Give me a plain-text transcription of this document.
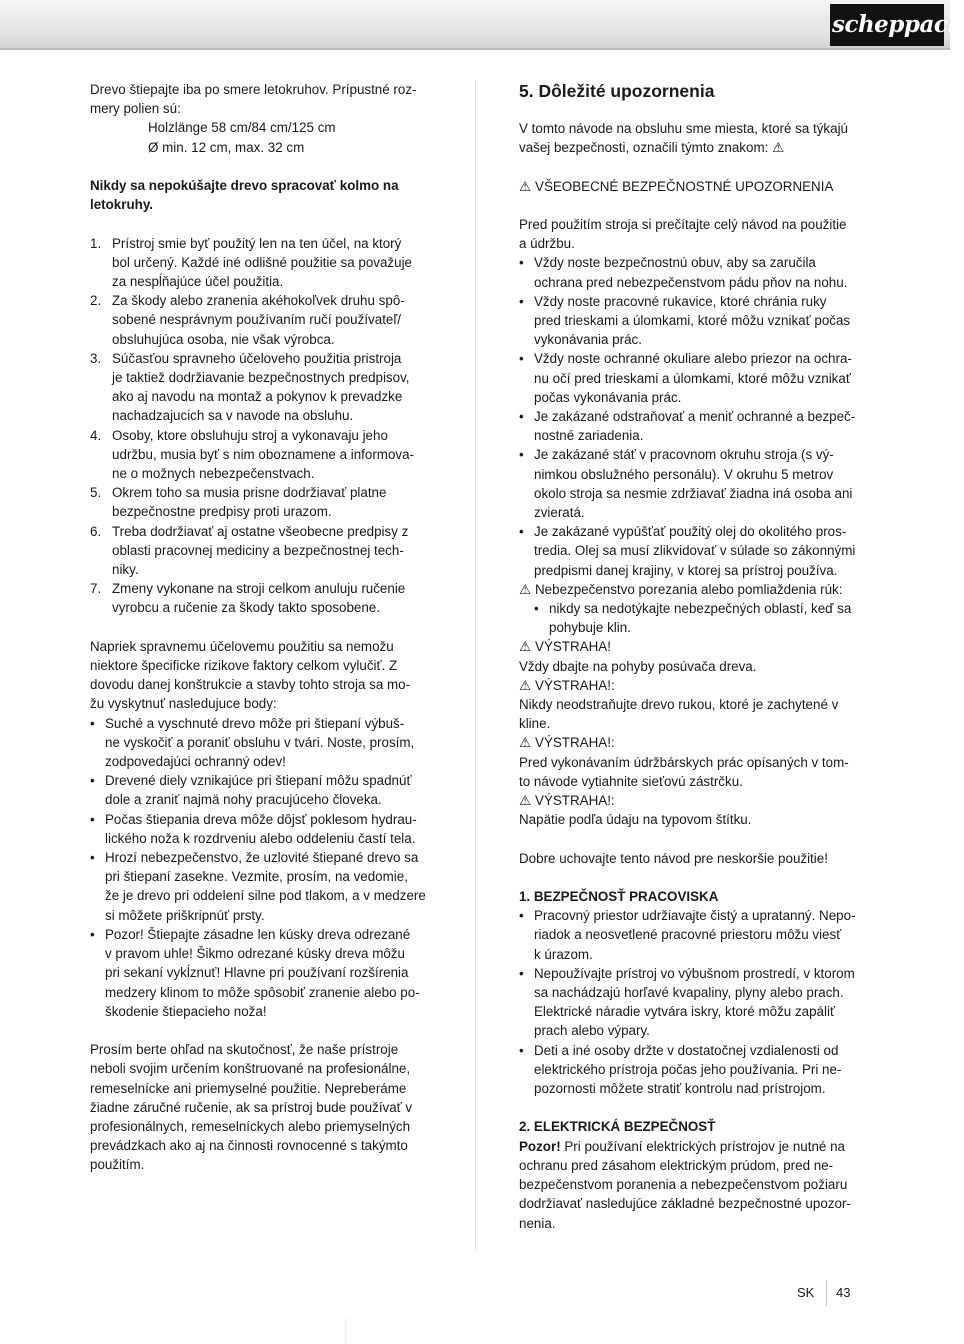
scheppach

Drevo štiepajte iba po smere letokruhov. Prípustné roz-

mery polien sú:

Holzlänge 58 cm/84 cm/125 cm

Ø min. 12 cm, max. 32 cm

Nikdy sa nepokúšajte drevo spracovať kolmo na

letokruhy.

1. Prístroj smie byť použitý len na ten účel, na ktorý

bol určený. Každé iné odlišné použitie sa považuje

za nespĺňajúce účel použitia.

2. Za škody alebo zranenia akéhokoľvek druhu spô-

sobené nesprávnym používaním ručí používateľ/

obsluhujúca osoba, nie však výrobca.

3. Súčasťou spravneho účeloveho použitia pristroja

je taktiež dodržiavanie bezpečnostnych predpisov,

ako aj navodu na montaž a pokynov k prevadzke

nachadzajucich sa v navode na obsluhu.

4. Osoby, ktore obsluhuju stroj a vykonavaju jeho

udržbu, musia byť s nim oboznamene a informova-

ne o možnych nebezpečenstvach.

5. Okrem toho sa musia prisne dodržiavať platne

bezpečnostne predpisy proti urazom.

6. Treba dodržiavať aj ostatne všeobecne predpisy z

oblasti pracovnej mediciny a bezpečnostnej tech-

niky.

7. Zmeny vykonane na stroji celkom anuluju ručenie

vyrobcu a ručenie za škody takto sposobene.

Napriek spravnemu účelovemu použitiu sa nemožu

niektore špecificke rizikove faktory celkom vylučiť. Z

dovodu danej konštrukcie a stavby tohto stroja sa mo-

žu vyskytnuť nasledujuce body:

• Suché a vyschnuté drevo môže pri štiepaní výbuš-

ne vyskočiť a poraniť obsluhu v tvári. Noste, prosím,

zodpovedajúci ochranný odev!

• Drevené diely vznikajúce pri štiepaní môžu spadnúť

dole a zraniť najmä nohy pracujúceho človeka.

• Počas štiepania dreva môže dôjsť poklesom hydrau-

lického noža k rozdrveniu alebo oddeleniu častí tela.

• Hrozí nebezpečenstvo, že uzlovité štiepané drevo sa

pri štiepaní zasekne. Vezmite, prosím, na vedomie,

že je drevo pri oddelení silne pod tlakom, a v medzere

si môžete priškripnúť prsty.

• Pozor! Štiepajte zásadne len kúsky dreva odrezané

v pravom uhle! Šikmo odrezané kúsky dreva môžu

pri sekaní vykĺznuť! Hlavne pri používaní rozšírenia

medzery klinom to môže spôsobiť zranenie alebo po-

škodenie štiepacieho noža!

Prosím berte ohľad na skutočnosť, že naše prístroje

neboli svojim určením konštruované na profesionálne,

remeselnícke ani priemyselné použitie. Nepreberáme

žiadne záručné ručenie, ak sa prístroj bude používať v

profesionálnych, remeselníckych alebo priemyselných

prevádzkach ako aj na činnosti rovnocenné s takýmto

použitím.

5. Dôležité upozornenia

V tomto návode na obsluhu sme miesta, ktoré sa týkajú

vašej bezpečnosti, označili týmto znakom: ⚠

⚠ VŠEOBECNÉ BEZPEČNOSTNÉ UPOZORNENIA

Pred použitím stroja si prečítajte celý návod na použitie

a údržbu.

• Vždy noste bezpečnostnú obuv, aby sa zaručila

ochrana pred nebezpečenstvom pádu pňov na nohu.

• Vždy noste pracovné rukavice, ktoré chránia ruky

pred trieskami a úlomkami, ktoré môžu vznikať počas

vykonávania prác.

• Vždy noste ochranné okuliare alebo priezor na ochra-

nu očí pred trieskami a úlomkami, ktoré môžu vznikať

počas vykonávania prác.

• Je zakázané odstraňovať a meniť ochranné a bezpeč-

nostné zariadenia.

• Je zakázané stáť v pracovnom okruhu stroja (s vý-

nimkou obslužného personálu). V okruhu 5 metrov

okolo stroja sa nesmie zdržiavať žiadna iná osoba ani

zvieratá.

• Je zakázané vypúšťať použitý olej do okolitého pros-

tredia. Olej sa musí zlikvidovať v súlade so zákonnými

predpismi danej krajiny, v ktorej sa prístroj používa.

⚠ Nebezpečenstvo porezania alebo pomliaždenia rúk:

• nikdy sa nedotýkajte nebezpečných oblastí, keď sa

pohybuje klin.

⚠ VÝSTRAHA!

Vždy dbajte na pohyby posúvača dreva.

⚠ VÝSTRAHA!:

Nikdy neodstraňujte drevo rukou, ktoré je zachytené v

kline.

⚠ VÝSTRAHA!:

Pred vykonávaním údržbárskych prác opísaných v tom-

to návode vytiahnite sieťovú zástrčku.

⚠ VÝSTRAHA!:

Napätie podľa údaju na typovom štítku.

Dobre uchovajte tento návod pre neskoršie použitie!

1. BEZPEČNOSŤ PRACOVISKA

• Pracovný priestor udržiavajte čistý a upratanný. Nepo-

riadok a neosvetlené pracovné priestoru môžu viesť

k úrazom.

• Nepoužívajte prístroj vo výbušnom prostredí, v ktorom

sa nachádzajú horľavé kvapaliny, plyny alebo prach.

Elektrické náradie vytvára iskry, ktoré môžu zapáliť

prach alebo výpary.

• Deti a iné osoby držte v dostatočnej vzdialenosti od

elektrického prístroja počas jeho používania. Pri ne-

pozornosti môžete stratiť kontrolu nad prístrojom.

2. ELEKTRICKÁ BEZPEČNOSŤ

Pozor! Pri používaní elektrických prístrojov je nutné na

ochranu pred zásahom elektrickým prúdom, pred ne-

bezpečenstvom poranenia a nebezpečenstvom požiaru

dodržiavať nasledujúce základné bezpečnostné upozor-

nenia.

SK 43
